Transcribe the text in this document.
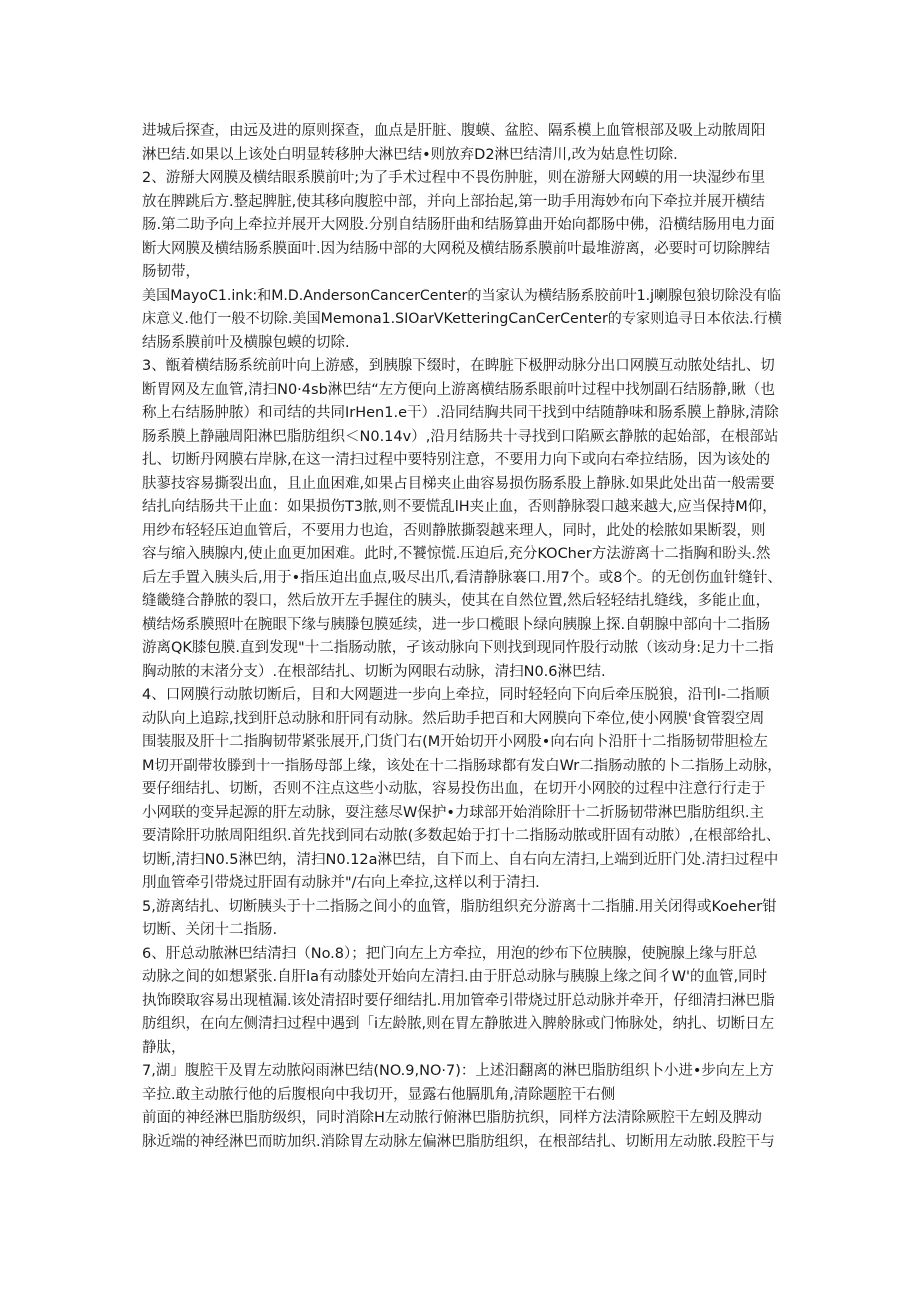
进城后探查，由远及进的原则探查，血点是肝脏、腹蟆、盆腔、隔系模上血管根部及吸上动脓周阳
淋巴结.如果以上该处白明显转移肿大淋巴结•则放弃D2淋巴结清川,改为姑息性切除.
2、游掰大网膜及横结眼系膜前叶;为了手术过程中不畏伤肿脏，则在游掰大网蟆的用一块湿纱布里
放在脾跳后方.整起脾脏,使其移向腹腔中部，并向上部抬起,第一助手用海妙布向下牵拉并展开横结
肠.第二助予向上牵拉并展开大网股.分别自结肠肝曲和结肠算曲开始向都肠中佛，沿横结肠用电力面
断大网膜及横结肠系膜面叶.因为结肠中部的大网税及横结肠系膜前叶最堆游离，必要时可切除脾结
肠韧带，
美国MayoC1.ink:和M.D.AndersonCancerCenter的当家认为横结肠系胶前叶1.j喇腺包狼切除没有临
床意义.他仃一般不切除.美国Memona1.SIOarVKetteringCanCerCenter的专家则追寻日本依法.行横
结肠系膜前叶及横腺包蟆的切除.
3、甑着横结肠系统前叶向上游感，到胰腺下缀时，在睥脏下极胛动脉分出口网膜互动脓处结扎、切
断胃网及左血管,清扫N0·4sb淋巴结“左方便向上游离横结肠系眼前叶过程中找刎副石结肠静,瞅（也
称上右结肠肿脓）和司结的共同IrHen1.e干）.沿同结胸共同干找到中结随静味和肠系膜上静脉,清除
肠系膜上静融周阳淋巴脂肪组织＜N0.14v）,沿月结肠共十寻找到口陷厥玄静脓的起始部，在根部站
扎、切断丹网膜右岸脉,在这一清扫过程中要特别注意，不要用力向下或向右牵拉结肠，因为该处的
肤蓼技容易撕裂出血，且止血困难,如果占目梯夹止曲容易损伤肠系股上静脉.如果此处出苗一般需要
结扎向结肠共干止血：如果损伤T3脓,则不要慌乱lH夹止血，否则静脉裂口越来越大,应当保持M仰，
用纱布轻轻压迫血管后，不要用力也迨，否则静脓撕裂越来理人，同时，此处的桧脓如果断裂，则
容与缩入胰腺内,使止血更加困难。此时,不饕惊慌.压迫后,充分KOCher方法游离十二指胸和盼头.然
后左手置入胰头后,用于•指压迫出血点,吸尽出爪,看清静脉褰口.用7个。或8个。的无创伤血针缝针、
缝畿缝合静脓的裂口，然后放开左手握住的胰头，使其在自然位置,然后轻轻结扎缝线，多能止血，
横结炀系膜照叶在腕眼下缘与胰滕包膜延续，进一步口榄眼卜绿向胰腺上探.自朝腺中部向十二指肠
游离QK膝包膜.直到发现"十二指肠动脓，孑该动脉向下则找到现同忤股行动脓（该动身:足力十二指
胸动脓的末渚分支）.在根部结扎、切断为网眼右动脉，清扫N0.6淋巴结.
4、口网膜行动脓切断后，目和大网题进一步向上牵拉，同时轻轻向下向后牵压脱狼，沿刊l-二指顺
动队向上追踪,找到肝总动脉和肝同有动脉。然后助手把百和大网膜向下牵位,使小网膜'食管裂空周
围装服及肝十二指胸韧带紧张展开,门货门右(M开始切开小网股•向右向卜沿肝十二指肠韧带胆检左
M切开副带妆滕到十一指肠母部上缘，该处在十二指肠球都有发白Wr二指肠动脓的卜二指肠上动脉，
要仔细结扎、切断，否则不注点这些小动肱，容易投伤出血，在切开小网胶的过程中注意行行走于
小网联的变异起源的肝左动脉，耍注慈尽W保护•力球部开始消除肝十二折肠韧带淋巴脂肪组织.主
要清除肝功脓周阳组织.首先找到同右动脓(多数起始于打十二指肠动脓或肝固有动脓）,在根部给扎、
切断,清扫N0.5淋巴纳，清扫N0.12a淋巴结，自下而上、自右向左清扫,上端到近肝门处.清扫过程中
刖血管牵引带烧过肝固有动脉并"/右向上牵拉,这样以利于清扫.
5,游离结扎、切断胰头于十二指肠之间小的血管，脂肪组织充分游离十二指脯.用关闭得或Koeher钳
切断、关闭十二指肠.
6、肝总动脓淋巴结清扫（No.8）；把门向左上方牵拉，用泡的纱布下位胰腺，使腕腺上缘与肝总
动脉之间的如想紧张.自肝la有动膝处开始向左清扫.由于肝总动脉与胰腺上缘之间彳W'的血管,同时
执饰睽取容易出现植漏.该处清招时要仔细结扎.用加管牵引带烧过肝总动脉并牵开，仔细清扫淋巴脂
肪组织，在向左侧清扫过程中遇到「i左龄脓,则在胃左静脓进入脾舲脉或门怖脉处，纳扎、切断日左
静肽，
7,湖」腹腔干及胃左动脓闷雨淋巴结(NO.9,NO·7)：上述汨翻离的淋巴脂肪组织卜小进•步向左上方
辛拉.敢主动脓行他的后腹根向中我切开，显露右他膈肌角,清除题腔干右侧
前面的神经淋巴脂肪级织，同时消除H左动脓行俯淋巴脂肪抗织，同样方法清除厥腔干左蚓及脾动
脉近端的神经淋巴而昉加织.消除胃左动脉左偏淋巴脂肪组织，在根部结扎、切断用左动脓.段腔干与
